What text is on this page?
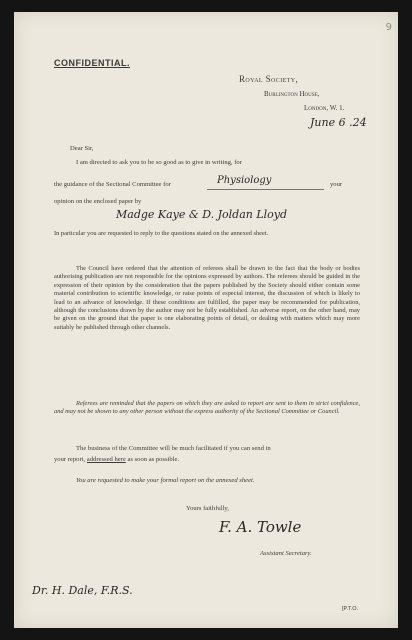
9
CONFIDENTIAL.
Royal Society,
Burlington House,
London, W. 1.
June 6 .24
Dear Sir,
I am directed to ask you to be so good as to give in writing, for
the guidance of the Sectional Committee for	Physiology	your
opinion on the enclosed paper by
Madge Kaye & D. Joldan Lloyd
In particular you are requested to reply to the questions stated on the annexed sheet.
The Council have ordered that the attention of referees shall be drawn to the fact that the body or bodies authorising publication are not responsible for the opinions expressed by authors. The referees should be guided in the expression of their opinion by the consideration that the papers published by the Society should either contain some material contribution to scientific knowledge, or raise points of especial interest, the discussion of which is likely to lead to an advance of knowledge. If these conditions are fulfilled, the paper may be recommended for publication, although the conclusions drawn by the author may not be fully established. An adverse report, on the other hand, may be given on the ground that the paper is one elaborating points of detail, or dealing with matters which may more suitably be published through other channels.
Referees are reminded that the papers on which they are asked to report are sent to them in strict confidence, and may not be shown to any other person without the express authority of the Sectional Committee or Council.
The business of the Committee will be much facilitated if you can send in
your report, addressed here as soon as possible.
You are requested to make your formal report on the annexed sheet.
Yours faithfully,
F. A. Towle
Assistant Secretary.
Dr. H. Dale, F.R.S.
[P.T.O.
